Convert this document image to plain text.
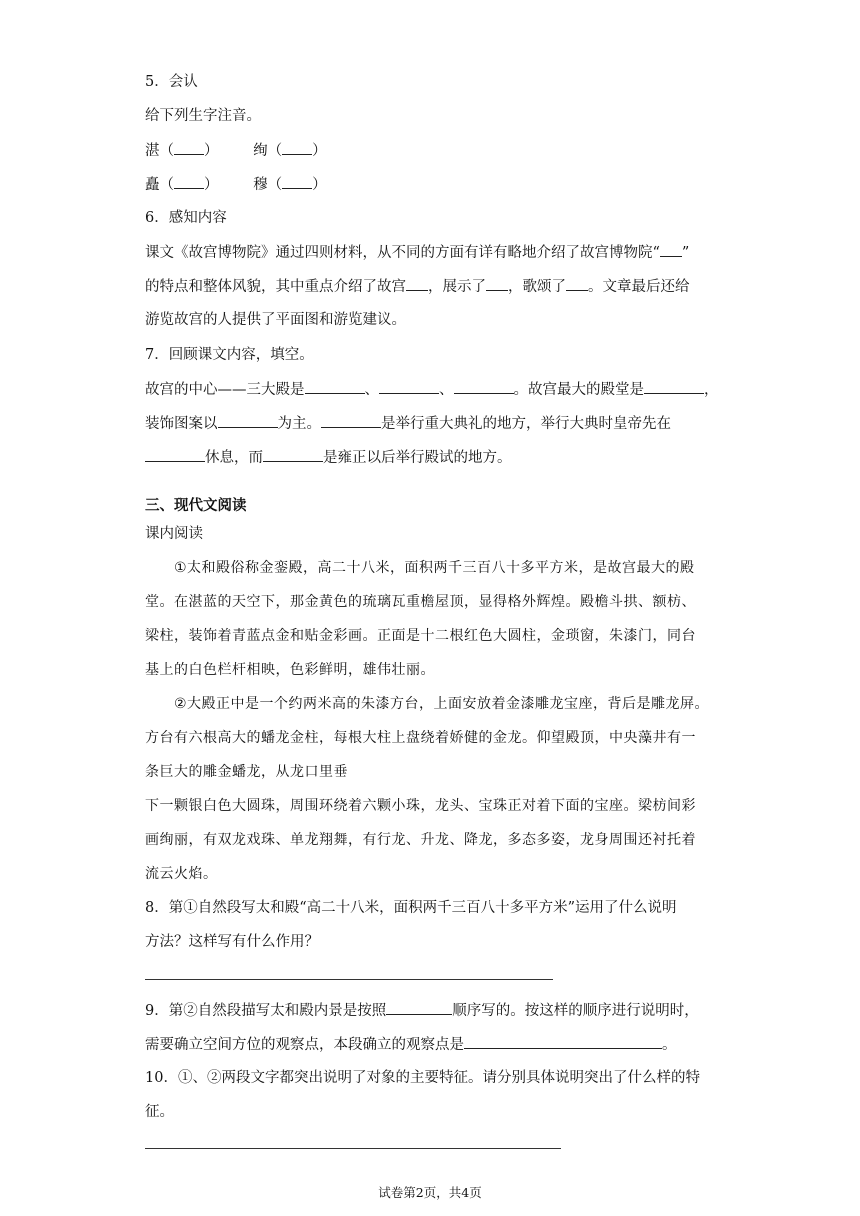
5．会认
给下列生字注音。
湛（ ） 绚（ ）
矗（ ） 穆（ ）
6．感知内容
课文《故宫博物院》通过四则材料，从不同的方面有详有略地介绍了故宫博物院“ ”
的特点和整体风貌，其中重点介绍了故宫 ，展示了 ，歌颂了 。文章最后还给
游览故宫的人提供了平面图和游览建议。
7．回顾课文内容，填空。
故宫的中心——三大殿是	、	、	。故宫最大的殿堂是	，
装饰图案以	为主。	是举行重大典礼的地方，举行大典时皇帝先在
休息，而	是雍正以后举行殿试的地方。
三、现代文阅读
课内阅读
①太和殿俗称金銮殿，高二十八米，面积两千三百八十多平方米，是故宫最大的殿
堂。在湛蓝的天空下，那金黄色的琉璃瓦重檐屋顶，显得格外辉煌。殿檐斗拱、额枋、
梁柱，装饰着青蓝点金和贴金彩画。正面是十二根红色大圆柱，金琐窗，朱漆门，同台
基上的白色栏杆相映，色彩鲜明，雄伟壮丽。
②大殿正中是一个约两米高的朱漆方台，上面安放着金漆雕龙宝座，背后是雕龙屏。
方台有六根高大的蟠龙金柱，每根大柱上盘绕着娇健的金龙。仰望殿顶，中央藻井有一
条巨大的雕金蟠龙，从龙口里垂
下一颗银白色大圆珠，周围环绕着六颗小珠，龙头、宝珠正对着下面的宝座。梁枋间彩
画绚丽，有双龙戏珠、单龙翔舞，有行龙、升龙、降龙，多态多姿，龙身周围还衬托着
流云火焰。
8．第①自然段写太和殿“高二十八米，面积两千三百八十多平方米”运用了什么说明
方法？这样写有什么作用？
9．第②自然段描写太和殿内景是按照	顺序写的。按这样的顺序进行说明时，
需要确立空间方位的观察点，本段确立的观察点是	。
10．①、②两段文字都突出说明了对象的主要特征。请分别具体说明突出了什么样的特
征。
试卷第2页，共4页
